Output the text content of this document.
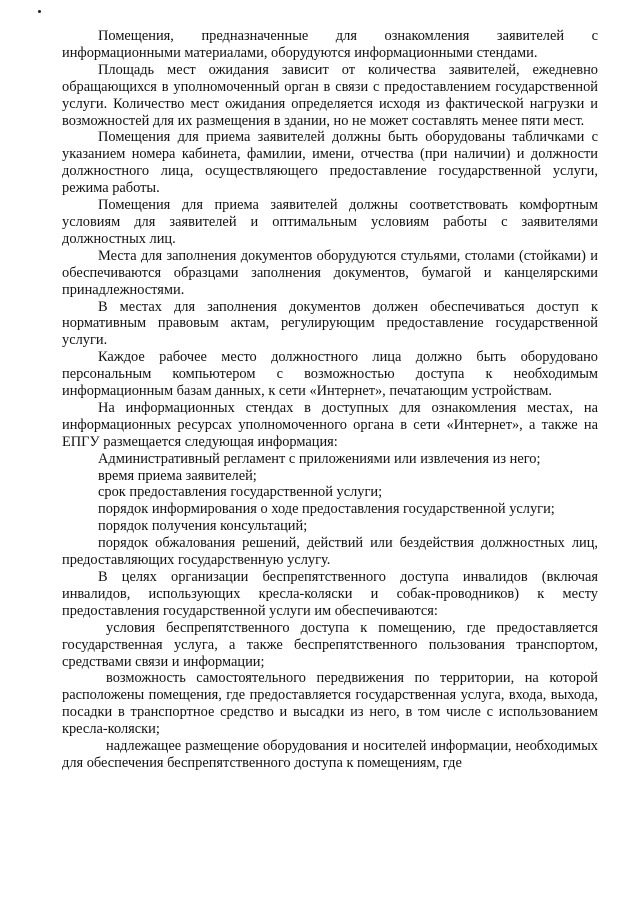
Помещения, предназначенные для ознакомления заявителей с информационными материалами, оборудуются информационными стендами.

Площадь мест ожидания зависит от количества заявителей, ежедневно обращающихся в уполномоченный орган в связи с предоставлением государственной услуги. Количество мест ожидания определяется исходя из фактической нагрузки и возможностей для их размещения в здании, но не может составлять менее пяти мест.

Помещения для приема заявителей должны быть оборудованы табличками с указанием номера кабинета, фамилии, имени, отчества (при наличии) и должности должностного лица, осуществляющего предоставление государственной услуги, режима работы.

Помещения для приема заявителей должны соответствовать комфортным условиям для заявителей и оптимальным условиям работы с заявителями должностных лиц.

Места для заполнения документов оборудуются стульями, столами (стойками) и обеспечиваются образцами заполнения документов, бумагой и канцелярскими принадлежностями.

В местах для заполнения документов должен обеспечиваться доступ к нормативным правовым актам, регулирующим предоставление государственной услуги.

Каждое рабочее место должностного лица должно быть оборудовано персональным компьютером с возможностью доступа к необходимым информационным базам данных, к сети «Интернет», печатающим устройствам.

На информационных стендах в доступных для ознакомления местах, на информационных ресурсах уполномоченного органа в сети «Интернет», а также на ЕПГУ размещается следующая информация:

Административный регламент с приложениями или извлечения из него;

время приема заявителей;

срок предоставления государственной услуги;

порядок информирования о ходе предоставления государственной услуги;

порядок получения консультаций;

порядок обжалования решений, действий или бездействия должностных лиц, предоставляющих государственную услугу.

В целях организации беспрепятственного доступа инвалидов (включая инвалидов, использующих кресла-коляски и собак-проводников) к месту предоставления государственной услуги им обеспечиваются:

условия беспрепятственного доступа к помещению, где предоставляется государственная услуга, а также беспрепятственного пользования транспортом, средствами связи и информации;

возможность самостоятельного передвижения по территории, на которой расположены помещения, где предоставляется государственная услуга, входа, выхода, посадки в транспортное средство и высадки из него, в том числе с использованием кресла-коляски;

надлежащее размещение оборудования и носителей информации, необходимых для обеспечения беспрепятственного доступа к помещениям, где
